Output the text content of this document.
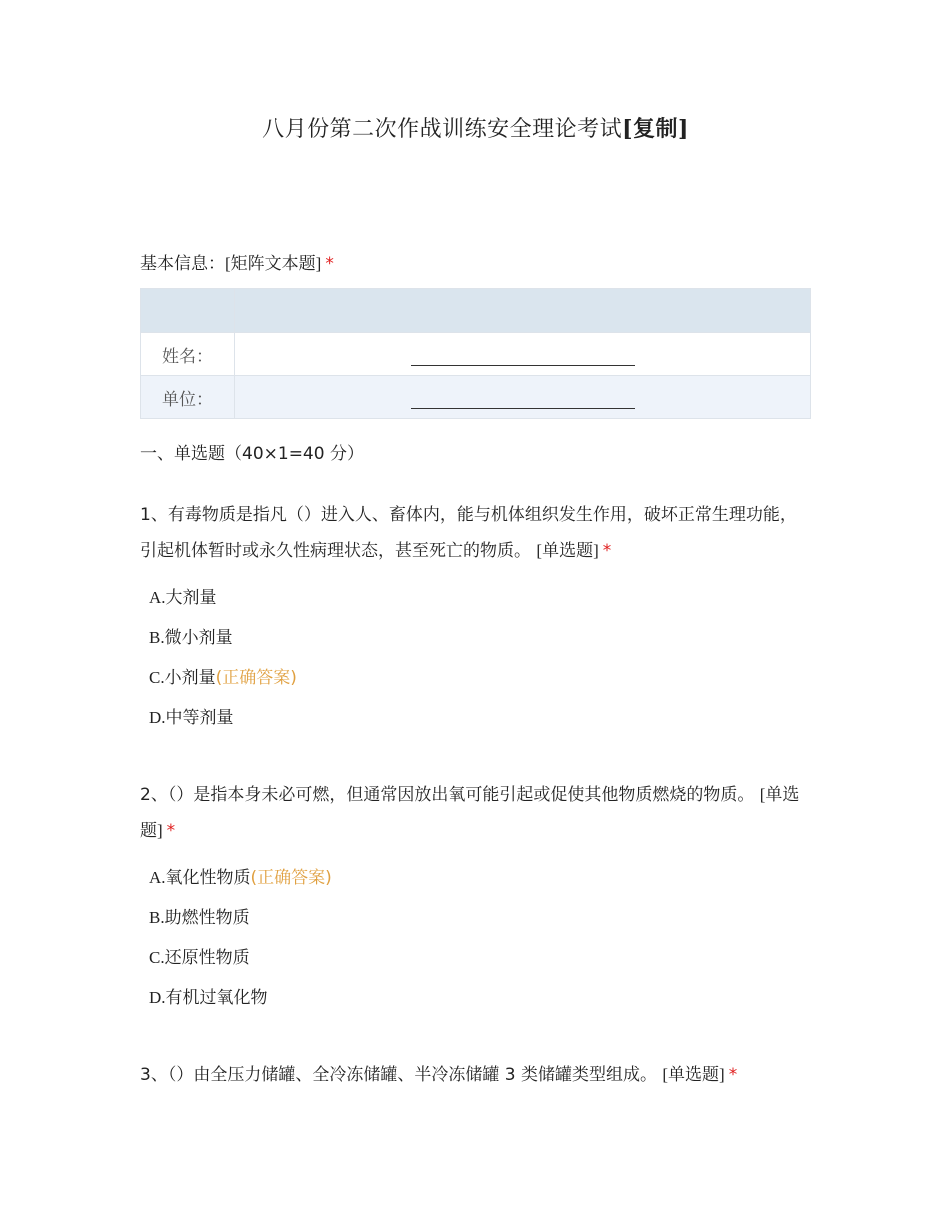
八月份第二次作战训练安全理论考试[复制]
基本信息：[矩阵文本题] *

姓名：	
单位：	
一、单选题（40×1=40 分）
1、有毒物质是指凡（）进入人、畜体内，能与机体组织发生作用，破坏正常生理功能，引起机体暂时或永久性病理状态，甚至死亡的物质。 [单选题] *
A.大剂量
B.微小剂量
C.小剂量(正确答案)
D.中等剂量
2、（）是指本身未必可燃，但通常因放出氧可能引起或促使其他物质燃烧的物质。 [单选题] *
A.氧化性物质(正确答案)
B.助燃性物质
C.还原性物质
D.有机过氧化物
3、（）由全压力储罐、全冷冻储罐、半冷冻储罐 3 类储罐类型组成。 [单选题] *
